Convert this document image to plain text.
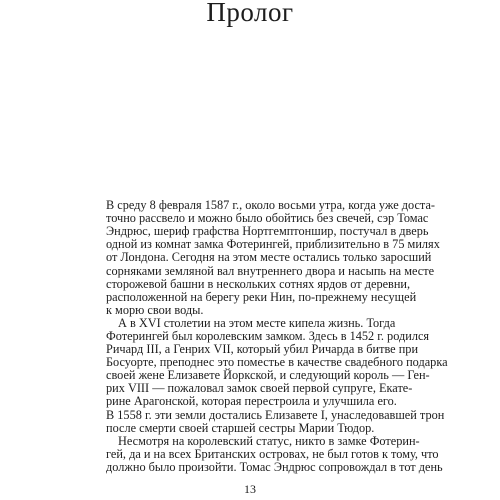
Пролог
В среду 8 февраля 1587 г., около восьми утра, когда уже доста-
точно рассвело и можно было обойтись без свечей, сэр Томас
Эндрюс, шериф графства Нортгемптоншир, постучал в дверь
одной из комнат замка Фотерингей, приблизительно в 75 милях
от Лондона. Сегодня на этом месте остались только заросший
сорняками земляной вал внутреннего двора и насыпь на месте
сторожевой башни в нескольких сотнях ярдов от деревни,
расположенной на берегу реки Нин, по-прежнему несущей
к морю свои воды.
А в XVI столетии на этом месте кипела жизнь. Тогда
Фотерингей был королевским замком. Здесь в 1452 г. родился
Ричард III, а Генрих VII, который убил Ричарда в битве при
Босуорте, преподнес это поместье в качестве свадебного подарка
своей жене Елизавете Йоркской, и следующий король — Ген-
рих VIII — пожаловал замок своей первой супруге, Екате-
рине Арагонской, которая перестроила и улучшила его.
В 1558 г. эти земли достались Елизавете I, унаследовавшей трон
после смерти своей старшей сестры Марии Тюдор.
Несмотря на королевский статус, никто в замке Фотерин-
гей, да и на всех Британских островах, не был готов к тому, что
должно было произойти. Томас Эндрюс сопровождал в тот день
13
